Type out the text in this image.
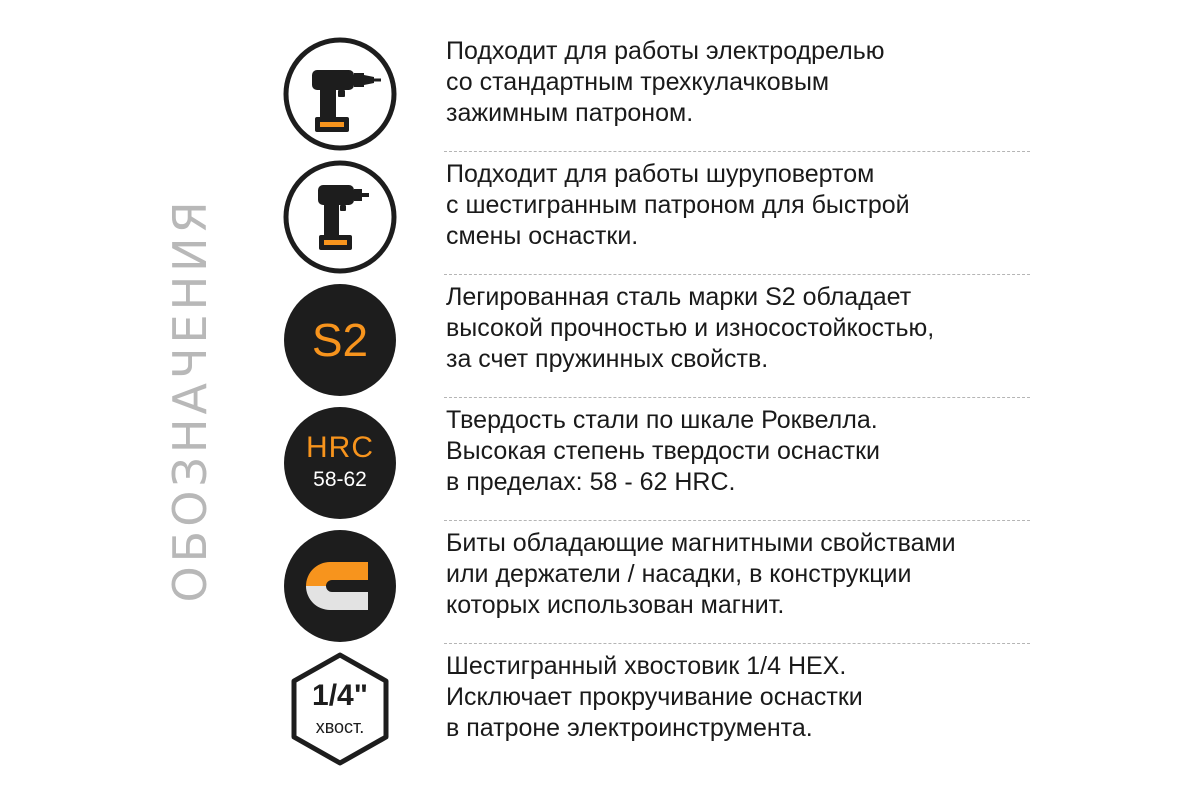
ОБОЗНАЧЕНИЯ
Подходит для работы электродрелью
со стандартным трехкулачковым
зажимным патроном.
Подходит для работы шуруповертом
с шестигранным патроном для быстрой
смены оснастки.
S2
Легированная сталь марки S2 обладает
высокой прочностью и износостойкостью,
за счет пружинных свойств.
HRC
58-62
Твердость стали по шкале Роквелла.
Высокая степень твердости оснастки
в пределах: 58 - 62 HRC.
Биты обладающие магнитными свойствами
или держатели / насадки, в конструкции
которых использован магнит.
1/4"
хвост.
Шестигранный хвостовик 1/4 HEX.
Исключает прокручивание оснастки
в патроне электроинструмента.
